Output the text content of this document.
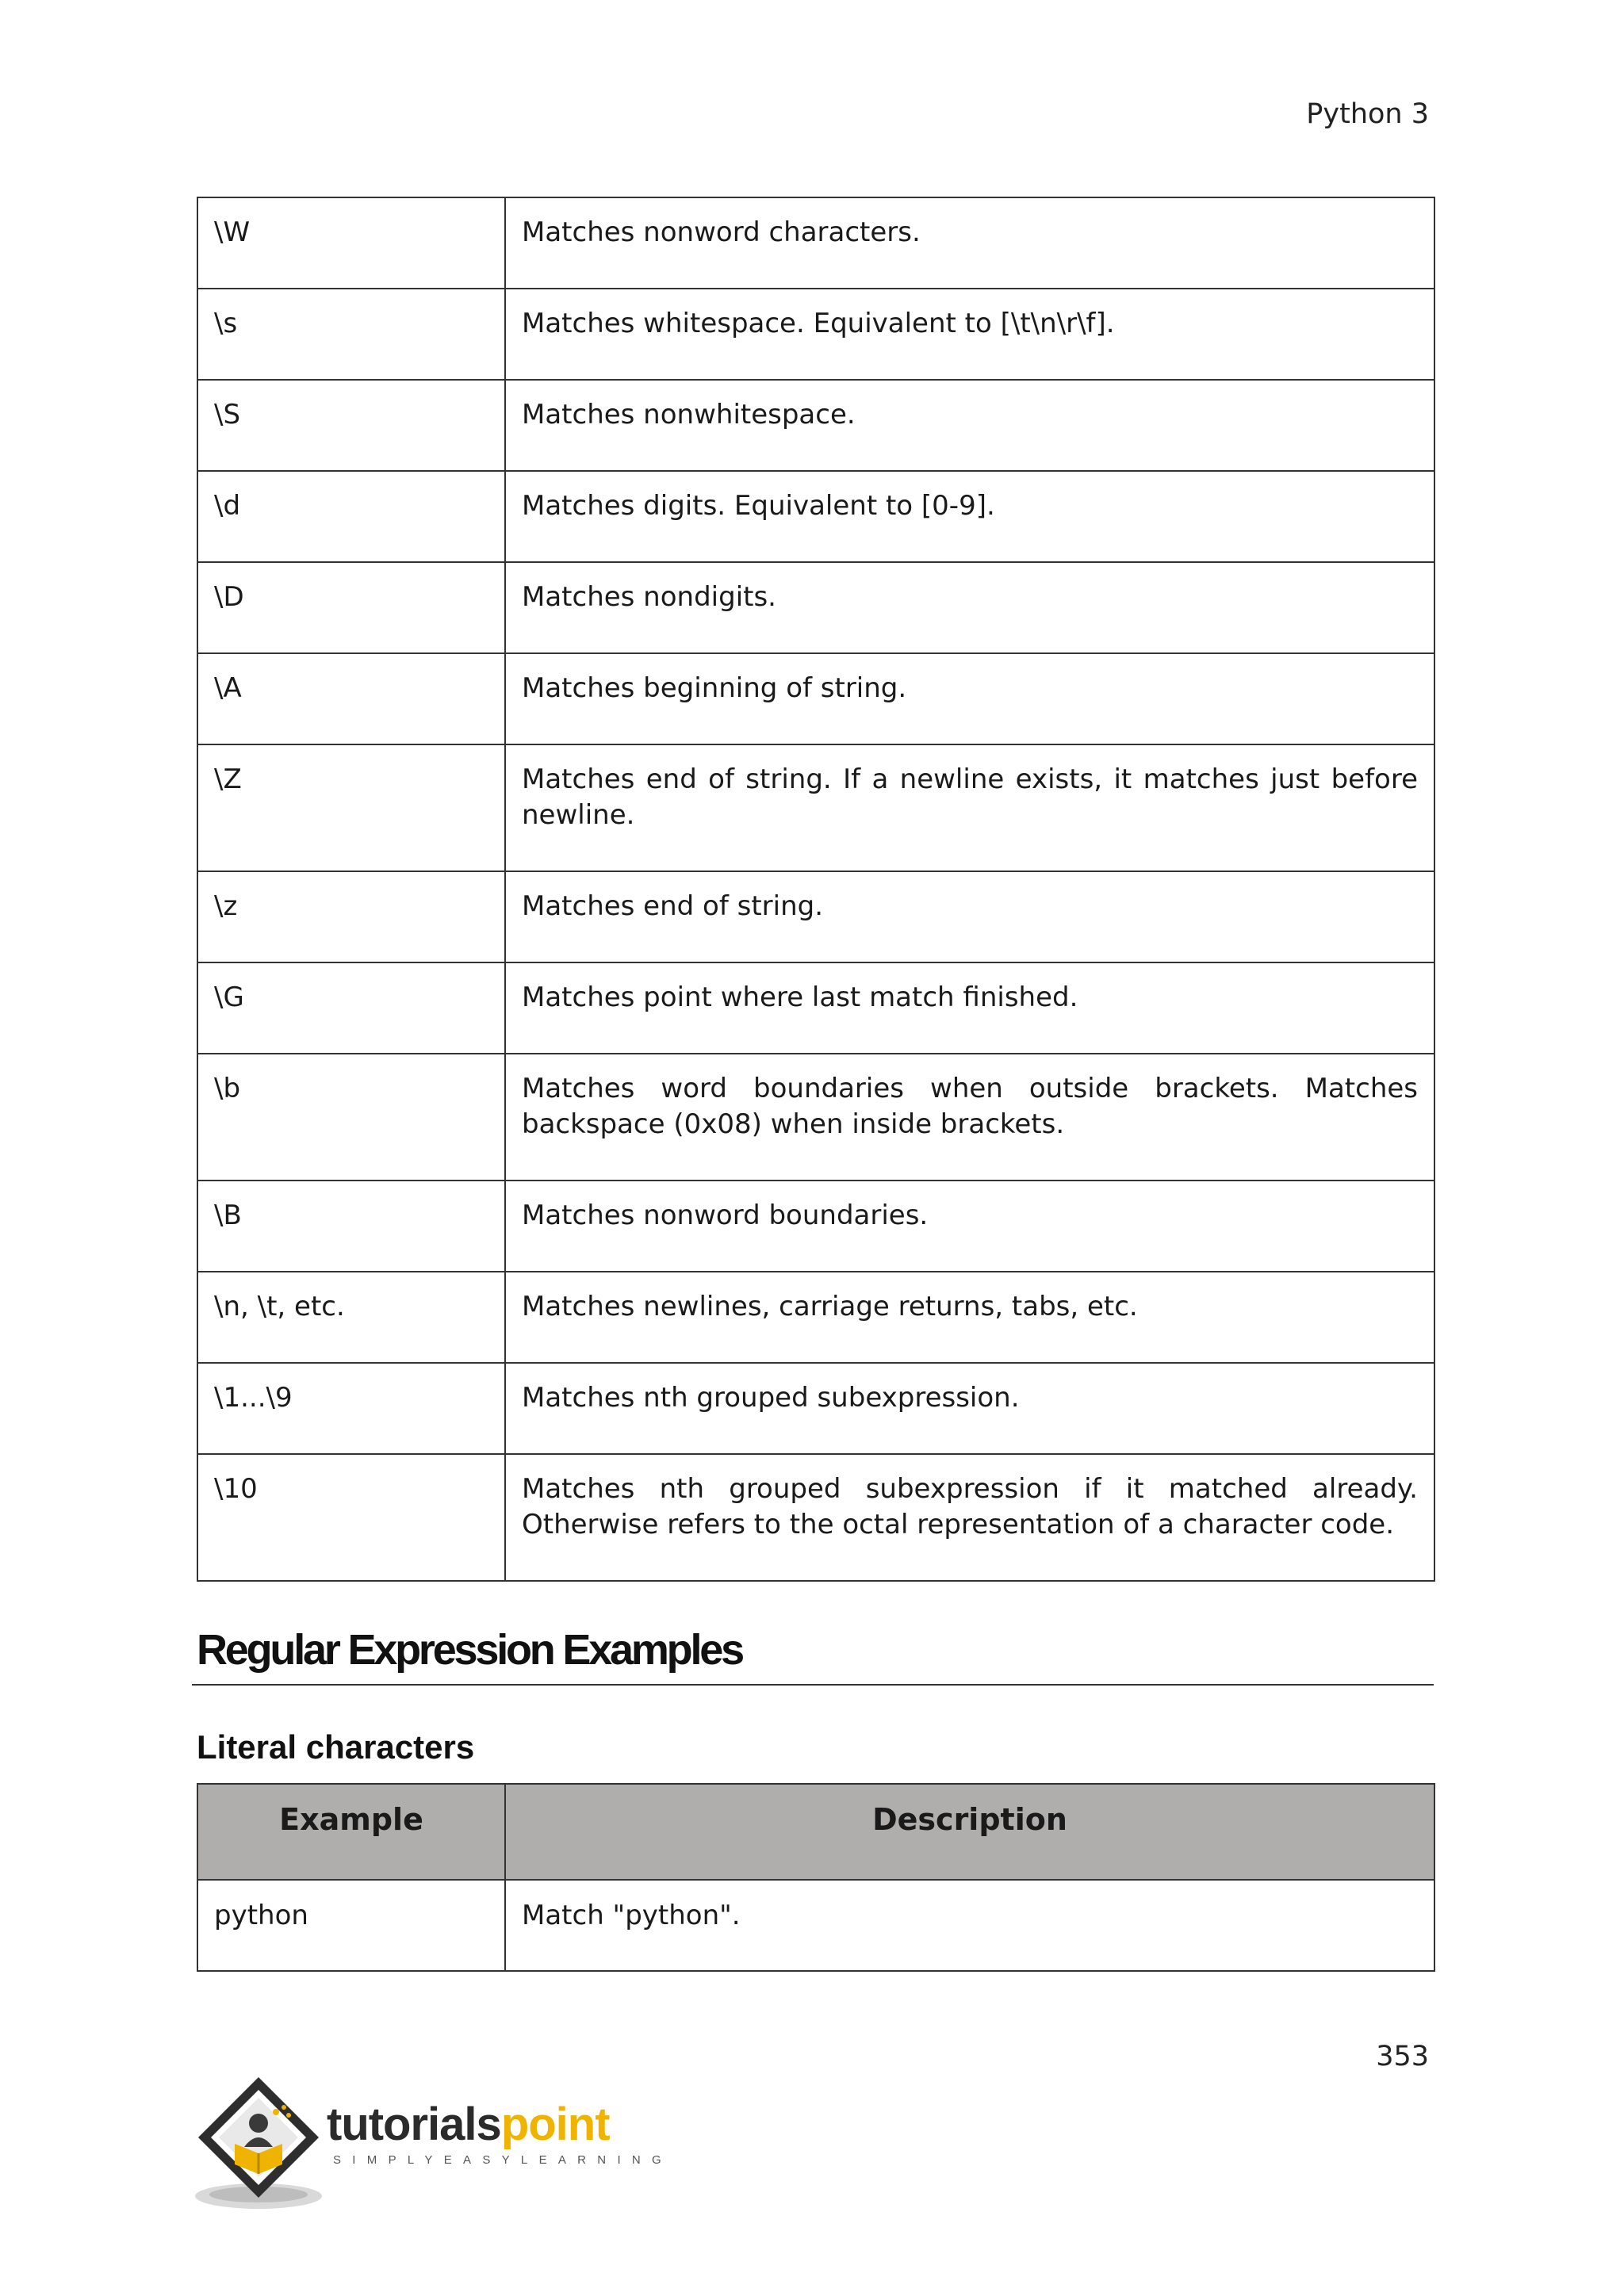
Python 3
\W	Matches nonword characters.
\s	Matches whitespace. Equivalent to [\t\n\r\f].
\S	Matches nonwhitespace.
\d	Matches digits. Equivalent to [0-9].
\D	Matches nondigits.
\A	Matches beginning of string.
\Z	Matches end of string. If a newline exists, it matches just before newline.
\z	Matches end of string.
\G	Matches point where last match finished.
\b	Matches word boundaries when outside brackets. Matches backspace (0x08) when inside brackets.
\B	Matches nonword boundaries.
\n, \t, etc.	Matches newlines, carriage returns, tabs, etc.
\1...\9	Matches nth grouped subexpression.
\10	Matches nth grouped subexpression if it matched already. Otherwise refers to the octal representation of a character code.
Regular Expression Examples
Literal characters
Example	Description
python	Match "python".
353
tutorialspoint
SIMPLYEASYLEARNING
